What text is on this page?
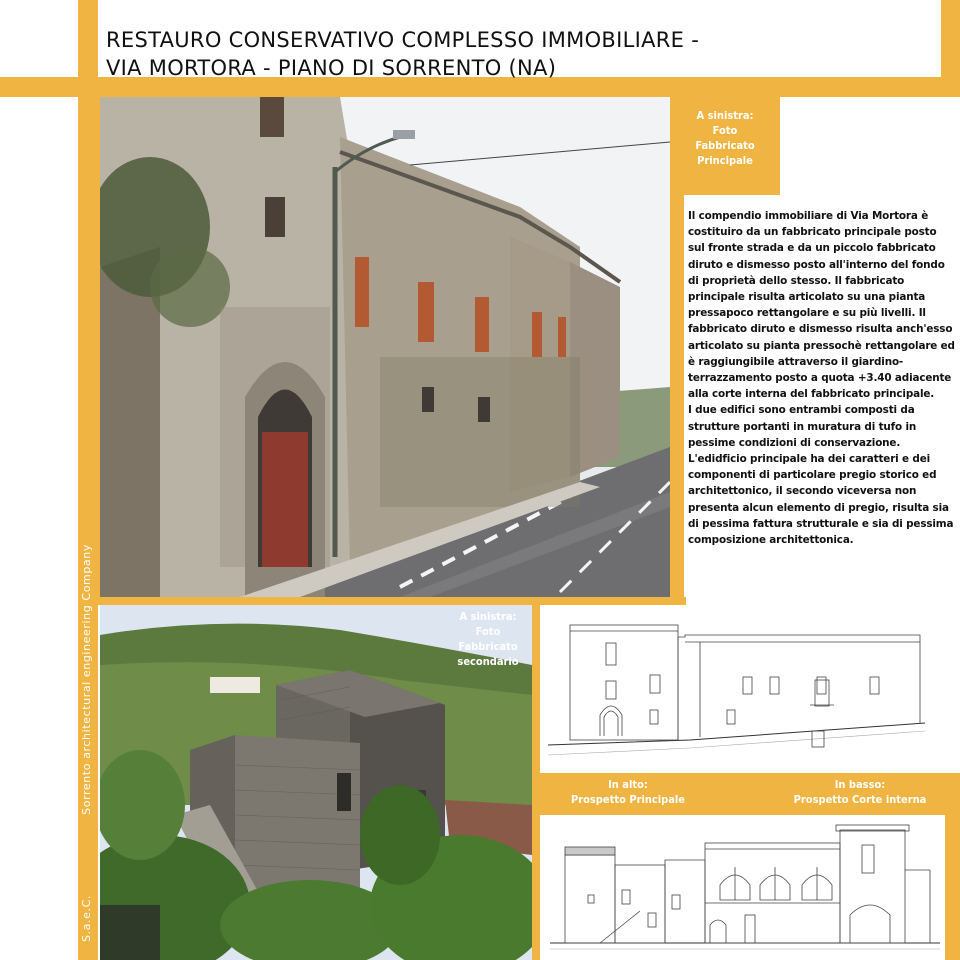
RESTAURO CONSERVATIVO COMPLESSO IMMOBILIARE -
VIA MORTORA - PIANO DI SORRENTO (NA)
S.a.e.C.  Sorrento architectural engineering Company
A sinistra:
Foto
Fabbricato
Principale

Il compendio immobiliare di Via Mortora è costituiro da un fabbricato principale posto sul fronte strada e da un piccolo fabbricato diruto e dismesso posto all'interno del fondo di proprietà dello stesso. Il fabbricato principale risulta articolato su una pianta pressapoco rettangolare e su più livelli. Il fabbricato diruto e dismesso risulta anch'esso articolato su pianta pressochè rettangolare ed è raggiungibile attraverso il giardino-terrazzamento posto a quota +3.40 adiacente alla corte interna del fabbricato principale.

I due edifici sono entrambi composti da strutture portanti in muratura di tufo in pessime condizioni di conservazione. L'edidficio principale ha dei caratteri e dei componenti di particolare pregio storico ed architettonico, il secondo viceversa non presenta alcun elemento di pregio, risulta sia di pessima fattura strutturale e sia di pessima composizione architettonica.

A sinistra:
Foto
Fabbricato
secondario
In alto:
Prospetto Principale
In basso:
Prospetto Corte interna
